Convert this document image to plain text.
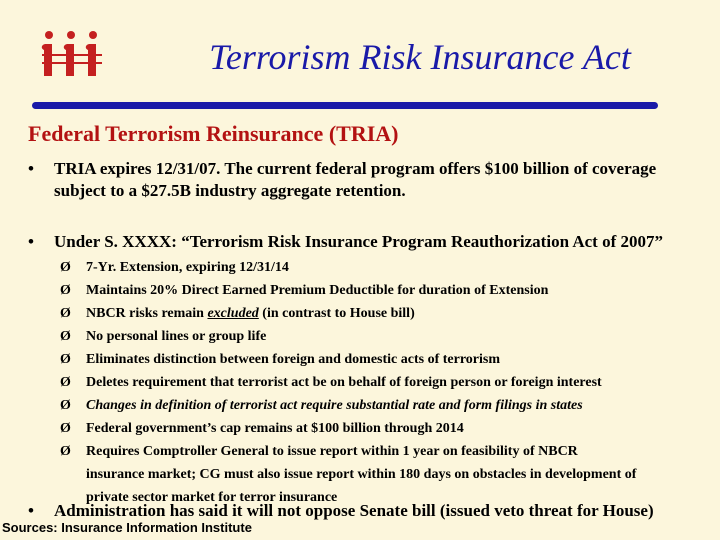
Terrorism Risk Insurance Act
Federal Terrorism Reinsurance (TRIA)
• TRIA expires 12/31/07. The current federal program offers $100 billion of coverage
subject to a $27.5B industry aggregate retention.
• Under S. XXXX: “Terrorism Risk Insurance Program Reauthorization Act of 2007”
Ø 7-Yr. Extension, expiring 12/31/14
Ø Maintains 20% Direct Earned Premium Deductible for duration of Extension
Ø NBCR risks remain excluded (in contrast to House bill)
Ø No personal lines or group life
Ø Eliminates distinction between foreign and domestic acts of terrorism
Ø Deletes requirement that terrorist act be on behalf of foreign person or foreign interest
Ø Changes in definition of terrorist act require substantial rate and form filings in states
Ø Federal government’s cap remains at $100 billion through 2014
Ø Requires Comptroller General to issue report within 1 year on feasibility of NBCR
insurance market; CG must also issue report within 180 days on obstacles in development of
private sector market for terror insurance
• Administration has said it will not oppose Senate bill (issued veto threat for House)
Sources: Insurance Information Institute
